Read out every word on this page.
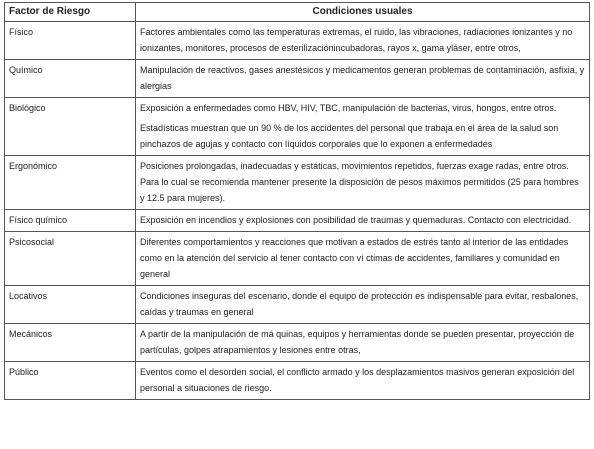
Factor de Riesgo	Condiciones usuales
Físico	Factores ambientales como las temperaturas extremas, el ruido, las vibraciones, radiaciones ionizantes y no ionizantes, monitores, procesos de esterilizaciónincubadoras, rayos x, gama yláser, entre otros,

Químico	Manipulación de reactivos, gases anestésicos y medicamentos generan problemas de contaminación, asfixia, y alergias

Biológico	Exposición a enfermedades como HBV, HIV, TBC, manipulación de bacterias, virus, hongos, entre otros.
Estadísticas muestran que un 90 % de los accidentes del personal que trabaja en el área de la salud son pinchazos de agujas y contacto con líquidos corporales que lo exponen a enfermedades

Ergonómico	Posiciones prolongadas, inadecuadas y estáticas, movimientos repetidos, fuerzas exage radas, entre otros. Para lo cual se recomienda mantener presente la disposición de pesos máximos permitidos (25 para hombres y 12.5 para mujeres).

Físico químico	Exposición en incendios y explosiones con posibilidad de traumas y quemaduras. Contacto con electricidad.

Psicosocial	Diferentes comportamientos y reacciones que motivan a estados de estrés tanto al interior de las entidades como en la atención del servicio al tener contacto con ví ctimas de accidentes, familiares y comunidad en general

Locativos	Condiciones inseguras del escenario, donde el equipo de protección es indispensable para evitar, resbalones, caídas y traumas en general

Mecánicos	A partir de la manipulación de má quinas, equipos y herramientas donde se pueden presentar, proyección de partículas, golpes atrapamientos y lesiones entre otras,

Público	Eventos como el desorden social, el conflicto armado y los desplazamientos masivos generan exposición del personal a situaciones de riesgo.
